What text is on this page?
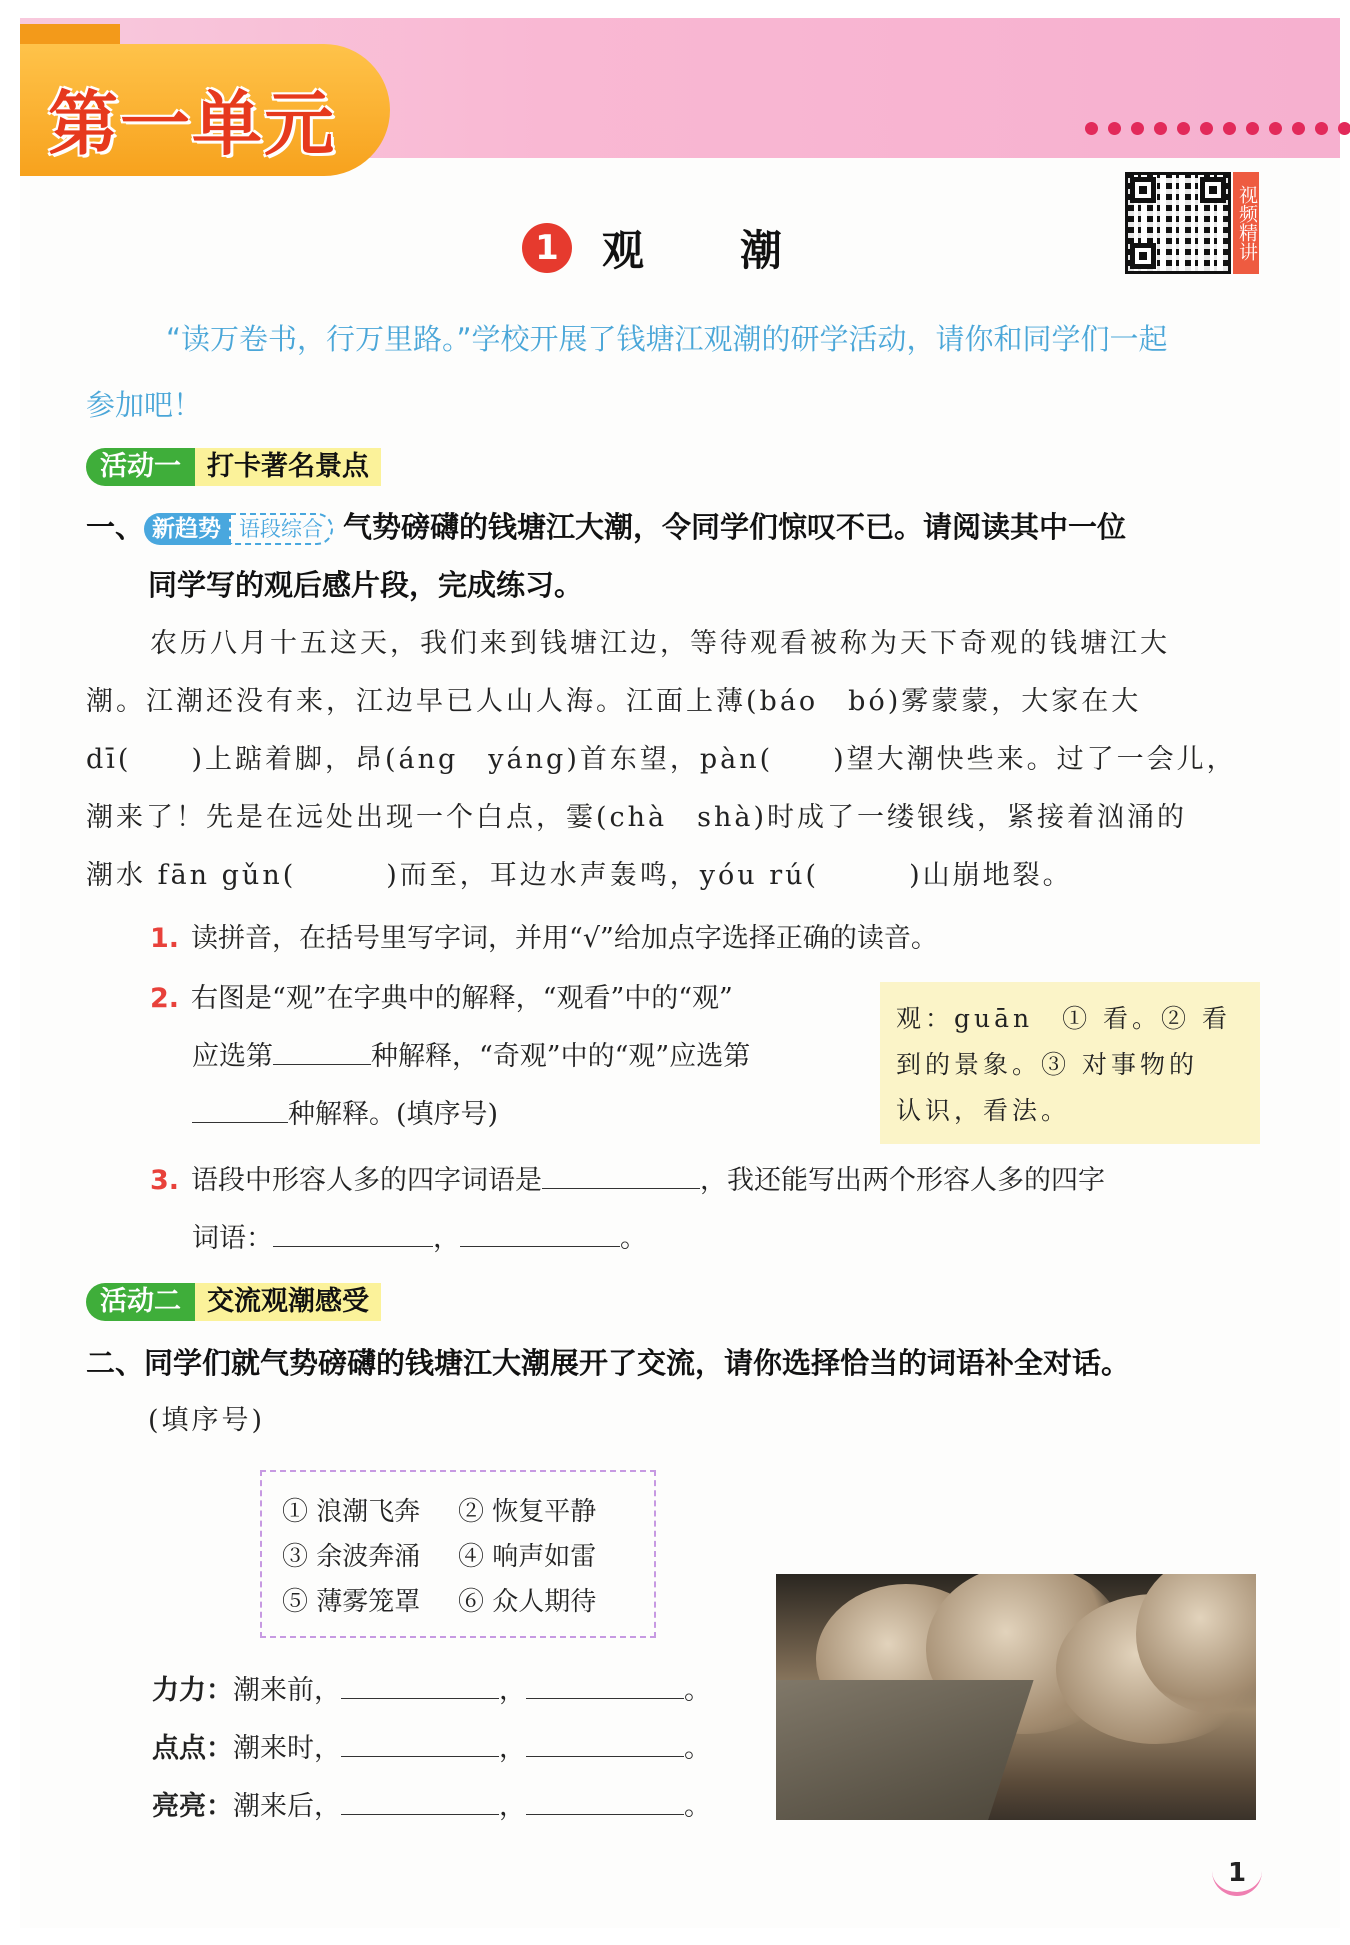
第一单元
视频精讲
1	观潮
“读万卷书，行万里路。”学校开展了钱塘江观潮的研学活动，请你和同学们一起
参加吧！
活动一 打卡著名景点
一、 新趋势 语段综合 气势磅礴的钱塘江大潮，令同学们惊叹不已。请阅读其中一位
同学写的观后感片段，完成练习。
农历八月十五这天，我们来到钱塘江边，等待观看被称为天下奇观的钱塘江大
潮。江潮还没有来，江边早已人山人海。江面上薄(báo　bó)雾蒙蒙，大家在大
dī(　　)上踮着脚，昂(áng　yáng)首东望，pàn(　　)望大潮快些来。过了一会儿，
潮来了！先是在远处出现一个白点，霎(chà　shà)时成了一缕银线，紧接着汹涌的
潮水 fān gǔn(　　　)而至，耳边水声轰鸣，yóu rú(　　　)山崩地裂。
1. 读拼音，在括号里写字词，并用“√”给加点字选择正确的读音。
2. 右图是“观”在字典中的解释，“观看”中的“观”
应选第	种解释，“奇观”中的“观”应选第
种解释。(填序号)
观：guān　① 看。② 看
到的景象。③ 对事物的
认识，看法。
3. 语段中形容人多的四字词语是	，我还能写出两个形容人多的四字
词语：	，	。
活动二 交流观潮感受
二、同学们就气势磅礴的钱塘江大潮展开了交流，请你选择恰当的词语补全对话。
(填序号)
① 浪潮飞奔	② 恢复平静
③ 余波奔涌	④ 响声如雷
⑤ 薄雾笼罩	⑥ 众人期待
力力：潮来前，	，	。
点点：潮来时，	，	。
亮亮：潮来后，	，	。
1
